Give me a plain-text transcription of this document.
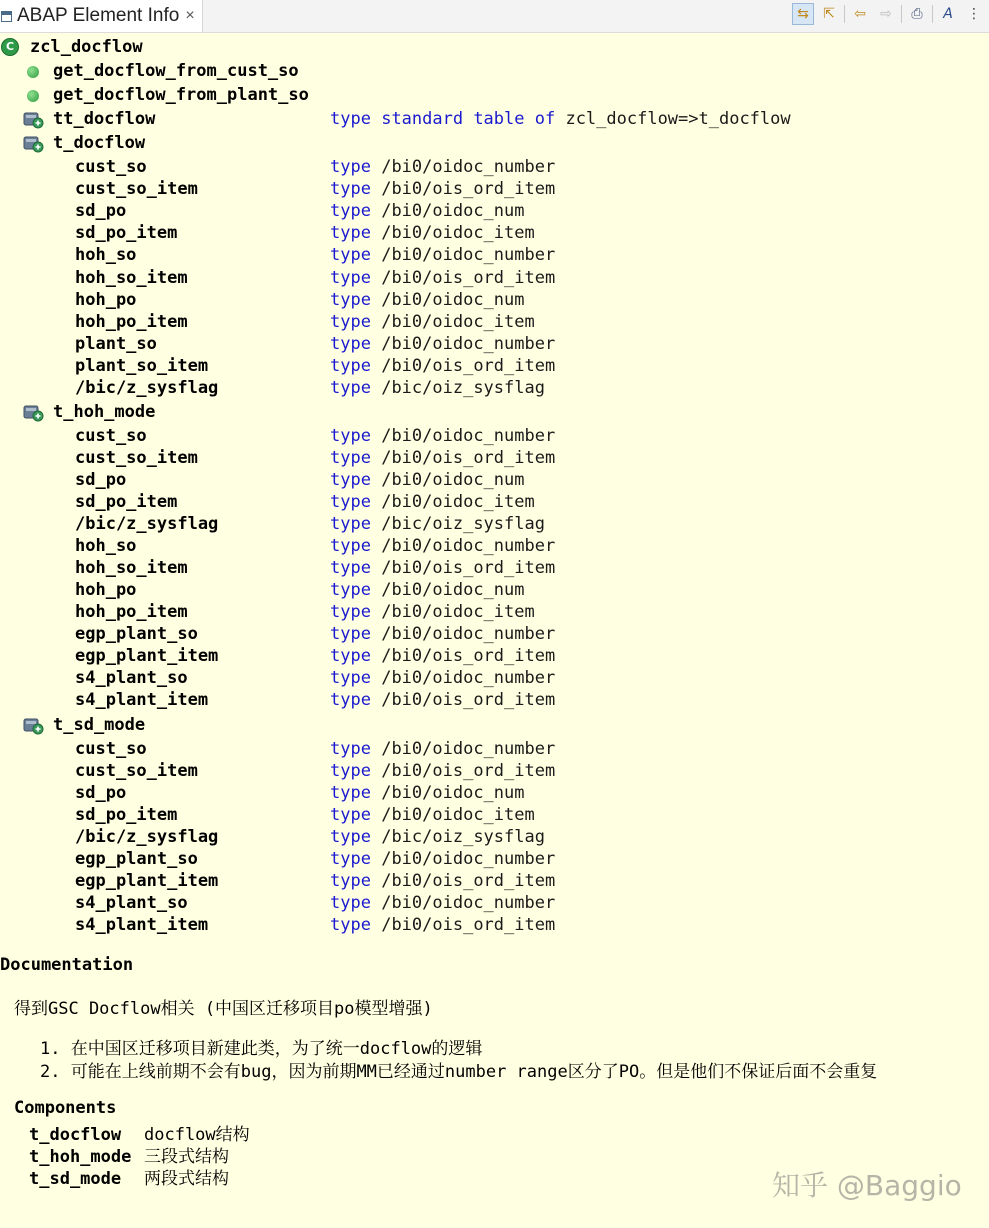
ABAP Element Info ×	⇆	⇱	⇦	⇨	⎙	A	⋮
C zcl_docflow
get_docflow_from_cust_so
get_docflow_from_plant_so
tt_docflow	type standard table of zcl_docflow=>t_docflow
t_docflow
cust_so	type /bi0/oidoc_number
cust_so_item	type /bi0/ois_ord_item
sd_po	type /bi0/oidoc_num
sd_po_item	type /bi0/oidoc_item
hoh_so	type /bi0/oidoc_number
hoh_so_item	type /bi0/ois_ord_item
hoh_po	type /bi0/oidoc_num
hoh_po_item	type /bi0/oidoc_item
plant_so	type /bi0/oidoc_number
plant_so_item	type /bi0/ois_ord_item
/bic/z_sysflag	type /bic/oiz_sysflag
t_hoh_mode
cust_so	type /bi0/oidoc_number
cust_so_item	type /bi0/ois_ord_item
sd_po	type /bi0/oidoc_num
sd_po_item	type /bi0/oidoc_item
/bic/z_sysflag	type /bic/oiz_sysflag
hoh_so	type /bi0/oidoc_number
hoh_so_item	type /bi0/ois_ord_item
hoh_po	type /bi0/oidoc_num
hoh_po_item	type /bi0/oidoc_item
egp_plant_so	type /bi0/oidoc_number
egp_plant_item	type /bi0/ois_ord_item
s4_plant_so	type /bi0/oidoc_number
s4_plant_item	type /bi0/ois_ord_item
t_sd_mode
cust_so	type /bi0/oidoc_number
cust_so_item	type /bi0/ois_ord_item
sd_po	type /bi0/oidoc_num
sd_po_item	type /bi0/oidoc_item
/bic/z_sysflag	type /bic/oiz_sysflag
egp_plant_so	type /bi0/oidoc_number
egp_plant_item	type /bi0/ois_ord_item
s4_plant_so	type /bi0/oidoc_number
s4_plant_item	type /bi0/ois_ord_item
Documentation
得到GSC Docflow相关 (中国区迁移项目po模型增强)
1. 在中国区迁移项目新建此类，为了统一docflow的逻辑
2. 可能在上线前期不会有bug，因为前期MM已经通过number range区分了PO。但是他们不保证后面不会重复
Components
t_docflow docflow结构
t_hoh_mode 三段式结构
t_sd_mode 两段式结构	知乎 @Baggio
